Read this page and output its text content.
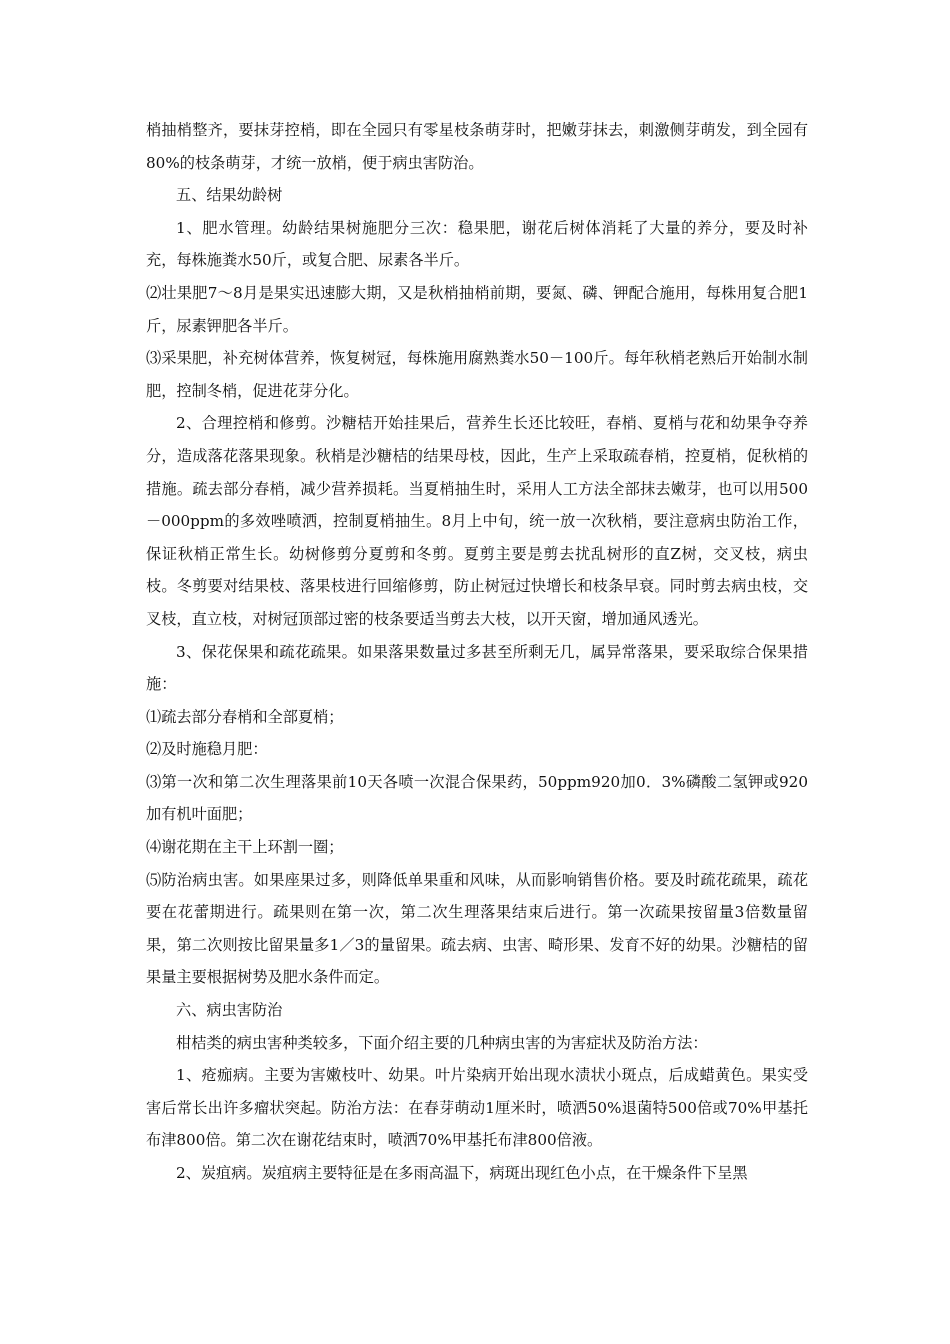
梢抽梢整齐，要抹芽控梢，即在全园只有零星枝条萌芽时，把嫩芽抹去，刺激侧芽萌发，到全园有80%的枝条萌芽，才统一放梢，便于病虫害防治。

五、结果幼龄树

1、肥水管理。幼龄结果树施肥分三次：稳果肥，谢花后树体消耗了大量的养分，要及时补充，每株施粪水50斤，或复合肥、尿素各半斤。

⑵壮果肥7～8月是果实迅速膨大期，又是秋梢抽梢前期，要氮、磷、钾配合施用，每株用复合肥1斤，尿素钾肥各半斤。

⑶采果肥，补充树体营养，恢复树冠，每株施用腐熟粪水50－100斤。每年秋梢老熟后开始制水制肥，控制冬梢，促进花芽分化。

2、合理控梢和修剪。沙糖桔开始挂果后，营养生长还比较旺，春梢、夏梢与花和幼果争夺养分，造成落花落果现象。秋梢是沙糖桔的结果母枝，因此，生产上采取疏春梢，控夏梢，促秋梢的措施。疏去部分春梢，减少营养损耗。当夏梢抽生时，采用人工方法全部抹去嫩芽，也可以用500－000ppm的多效唑喷洒，控制夏梢抽生。8月上中旬，统一放一次秋梢，要注意病虫防治工作，保证秋梢正常生长。幼树修剪分夏剪和冬剪。夏剪主要是剪去扰乱树形的直Z树，交叉枝，病虫枝。冬剪要对结果枝、落果枝进行回缩修剪，防止树冠过快增长和枝条早衰。同时剪去病虫枝，交叉枝，直立枝，对树冠顶部过密的枝条要适当剪去大枝，以开天窗，增加通风透光。

3、保花保果和疏花疏果。如果落果数量过多甚至所剩无几，属异常落果，要采取综合保果措施：

⑴疏去部分春梢和全部夏梢；

⑵及时施稳月肥：

⑶第一次和第二次生理落果前10天各喷一次混合保果药，50ppm920加0．3%磷酸二氢钾或920加有机叶面肥；

⑷谢花期在主干上环割一圈；

⑸防治病虫害。如果座果过多，则降低单果重和风味，从而影响销售价格。要及时疏花疏果，疏花要在花蕾期进行。疏果则在第一次，第二次生理落果结束后进行。第一次疏果按留量3倍数量留果，第二次则按比留果量多1／3的量留果。疏去病、虫害、畸形果、发育不好的幼果。沙糖桔的留果量主要根据树势及肥水条件而定。

六、病虫害防治

柑桔类的病虫害种类较多，下面介绍主要的几种病虫害的为害症状及防治方法：

1、疮痂病。主要为害嫩枝叶、幼果。叶片染病开始出现水渍状小斑点，后成蜡黄色。果实受害后常长出许多瘤状突起。防治方法：在春芽萌动1厘米时，喷洒50%退菌特500倍或70%甲基托布津800倍。第二次在谢花结束时，喷洒70%甲基托布津800倍液。

2、炭疽病。炭疽病主要特征是在多雨高温下，病斑出现红色小点，在干燥条件下呈黑
